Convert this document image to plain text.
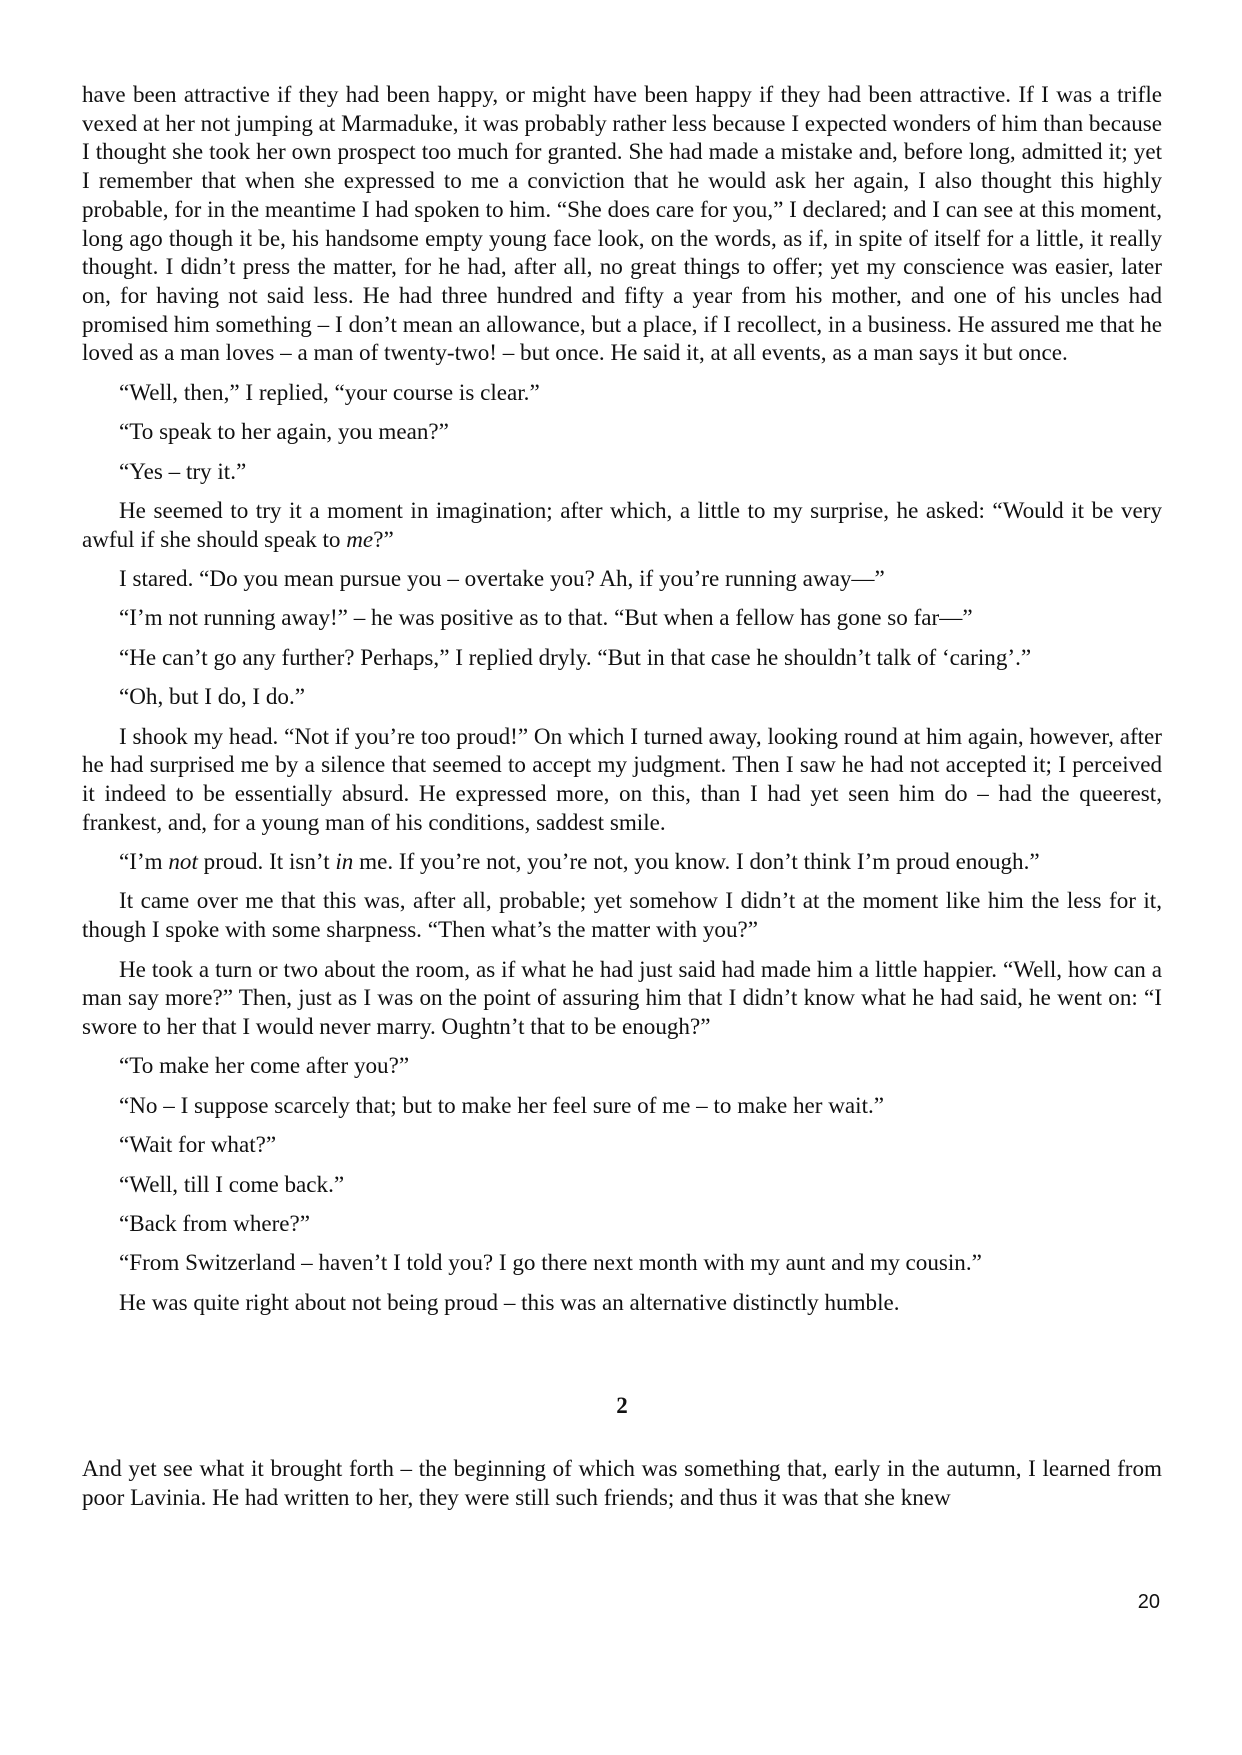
have been attractive if they had been happy, or might have been happy if they had been attractive. If I was a trifle vexed at her not jumping at Marmaduke, it was probably rather less because I expected wonders of him than because I thought she took her own prospect too much for granted. She had made a mistake and, before long, admitted it; yet I remember that when she expressed to me a conviction that he would ask her again, I also thought this highly probable, for in the meantime I had spoken to him. “She does care for you,” I declared; and I can see at this moment, long ago though it be, his handsome empty young face look, on the words, as if, in spite of itself for a little, it really thought. I didn’t press the matter, for he had, after all, no great things to offer; yet my conscience was easier, later on, for having not said less. He had three hundred and fifty a year from his mother, and one of his uncles had promised him something – I don’t mean an allowance, but a place, if I recollect, in a business. He assured me that he loved as a man loves – a man of twenty-two! – but once. He said it, at all events, as a man says it but once.

“Well, then,” I replied, “your course is clear.”

“To speak to her again, you mean?”

“Yes – try it.”

He seemed to try it a moment in imagination; after which, a little to my surprise, he asked: “Would it be very awful if she should speak to me?”

I stared. “Do you mean pursue you – overtake you? Ah, if you’re running away—”

“I’m not running away!” – he was positive as to that. “But when a fellow has gone so far—”

“He can’t go any further? Perhaps,” I replied dryly. “But in that case he shouldn’t talk of ‘caring’.”

“Oh, but I do, I do.”

I shook my head. “Not if you’re too proud!” On which I turned away, looking round at him again, however, after he had surprised me by a silence that seemed to accept my judgment. Then I saw he had not accepted it; I perceived it indeed to be essentially absurd. He expressed more, on this, than I had yet seen him do – had the queerest, frankest, and, for a young man of his conditions, saddest smile.

“I’m not proud. It isn’t in me. If you’re not, you’re not, you know. I don’t think I’m proud enough.”

It came over me that this was, after all, probable; yet somehow I didn’t at the moment like him the less for it, though I spoke with some sharpness. “Then what’s the matter with you?”

He took a turn or two about the room, as if what he had just said had made him a little happier. “Well, how can a man say more?” Then, just as I was on the point of assuring him that I didn’t know what he had said, he went on: “I swore to her that I would never marry. Oughtn’t that to be enough?”

“To make her come after you?”

“No – I suppose scarcely that; but to make her feel sure of me – to make her wait.”

“Wait for what?”

“Well, till I come back.”

“Back from where?”

“From Switzerland – haven’t I told you? I go there next month with my aunt and my cousin.”

He was quite right about not being proud – this was an alternative distinctly humble.

2

And yet see what it brought forth – the beginning of which was something that, early in the autumn, I learned from poor Lavinia. He had written to her, they were still such friends; and thus it was that she knew

20
